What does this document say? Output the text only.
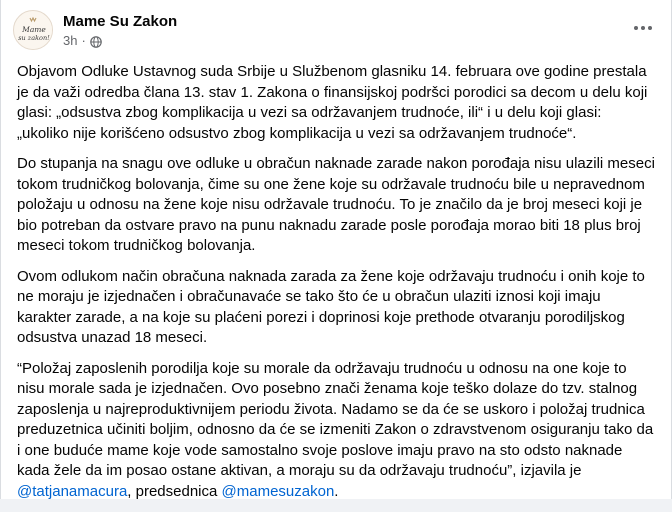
Mame
su zakon!
Mame Su Zakon
3h ·

Objavom Odluke Ustavnog suda Srbije u Službenom glasniku 14. februara ove godine prestala je da važi odredba člana 13. stav 1. Zakona o finansijskoj podršci porodici sa decom u delu koji glasi: „odsustva zbog komplikacija u vezi sa održavanjem trudnoće, ili“ i u delu koji glasi: „ukoliko nije korišćeno odsustvo zbog komplikacija u vezi sa održavanjem trudnoće“.

Do stupanja na snagu ove odluke u obračun naknade zarade nakon porođaja nisu ulazili meseci tokom trudničkog bolovanja, čime su one žene koje su održavale trudnoću bile u nepravednom položaju u odnosu na žene koje nisu održavale trudnoću. To je značilo da je broj meseci koji je bio potreban da ostvare pravo na punu naknadu zarade posle porođaja morao biti 18 plus broj meseci tokom trudničkog bolovanja.

Ovom odlukom način obračuna naknada zarada za žene koje održavaju trudnoću i onih koje to ne moraju je izjednačen i obračunavaće se tako što će u obračun ulaziti iznosi koji imaju karakter zarade, a na koje su plaćeni porezi i doprinosi koje prethode otvaranju porodiljskog odsustva unazad 18 meseci.

“Položaj zaposlenih porodilja koje su morale da održavaju trudnoću u odnosu na one koje to nisu morale sada je izjednačen. Ovo posebno znači ženama koje teško dolaze do tzv. stalnog zaposlenja u najreproduktivnijem periodu života. Nadamo se da će se uskoro i položaj trudnica preduzetnica učiniti boljim, odnosno da će se izmeniti Zakon o zdravstvenom osiguranju tako da i one buduće mame koje vode samostalno svoje poslove imaju pravo na sto odsto naknade kada žele da im posao ostane aktivan, a moraju su da održavaju trudnoću”, izjavila je @tatjanamacura, predsednica @mamesuzakon.
